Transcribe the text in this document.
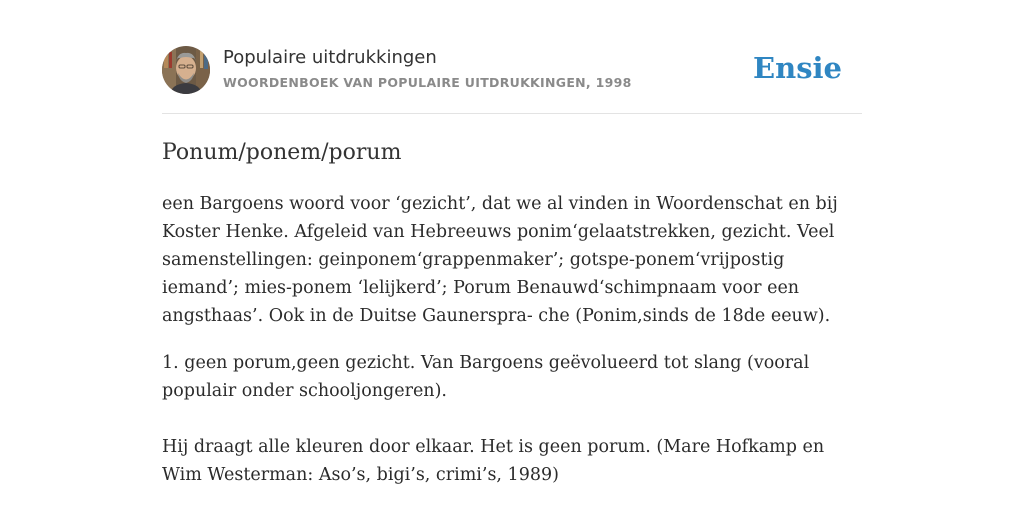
Populaire uitdrukkingen
WOORDENBOEK VAN POPULAIRE UITDRUKKINGEN, 1998	Ensie
Ponum/ponem/porum

een Bargoens woord voor ‘gezicht’, dat we al vinden in Woordenschat en bij Koster Henke. Afgeleid van Hebreeuws ponim‘gelaatstrekken, gezicht. Veel samenstellingen: geinponem‘grappenmaker’; gotspe-ponem‘vrijpostig iemand’; mies-ponem ‘lelijkerd’; Porum Benauwd‘schimpnaam voor een angsthaas’. Ook in de Duitse Gaunerspra- che (Ponim,sinds de 18de eeuw).

1. geen porum,geen gezicht. Van Bargoens geëvolueerd tot slang (vooral populair onder schooljongeren).

Hij draagt alle kleuren door elkaar. Het is geen porum. (Mare Hofkamp en Wim Westerman: Aso’s, bigi’s, crimi’s, 1989)
